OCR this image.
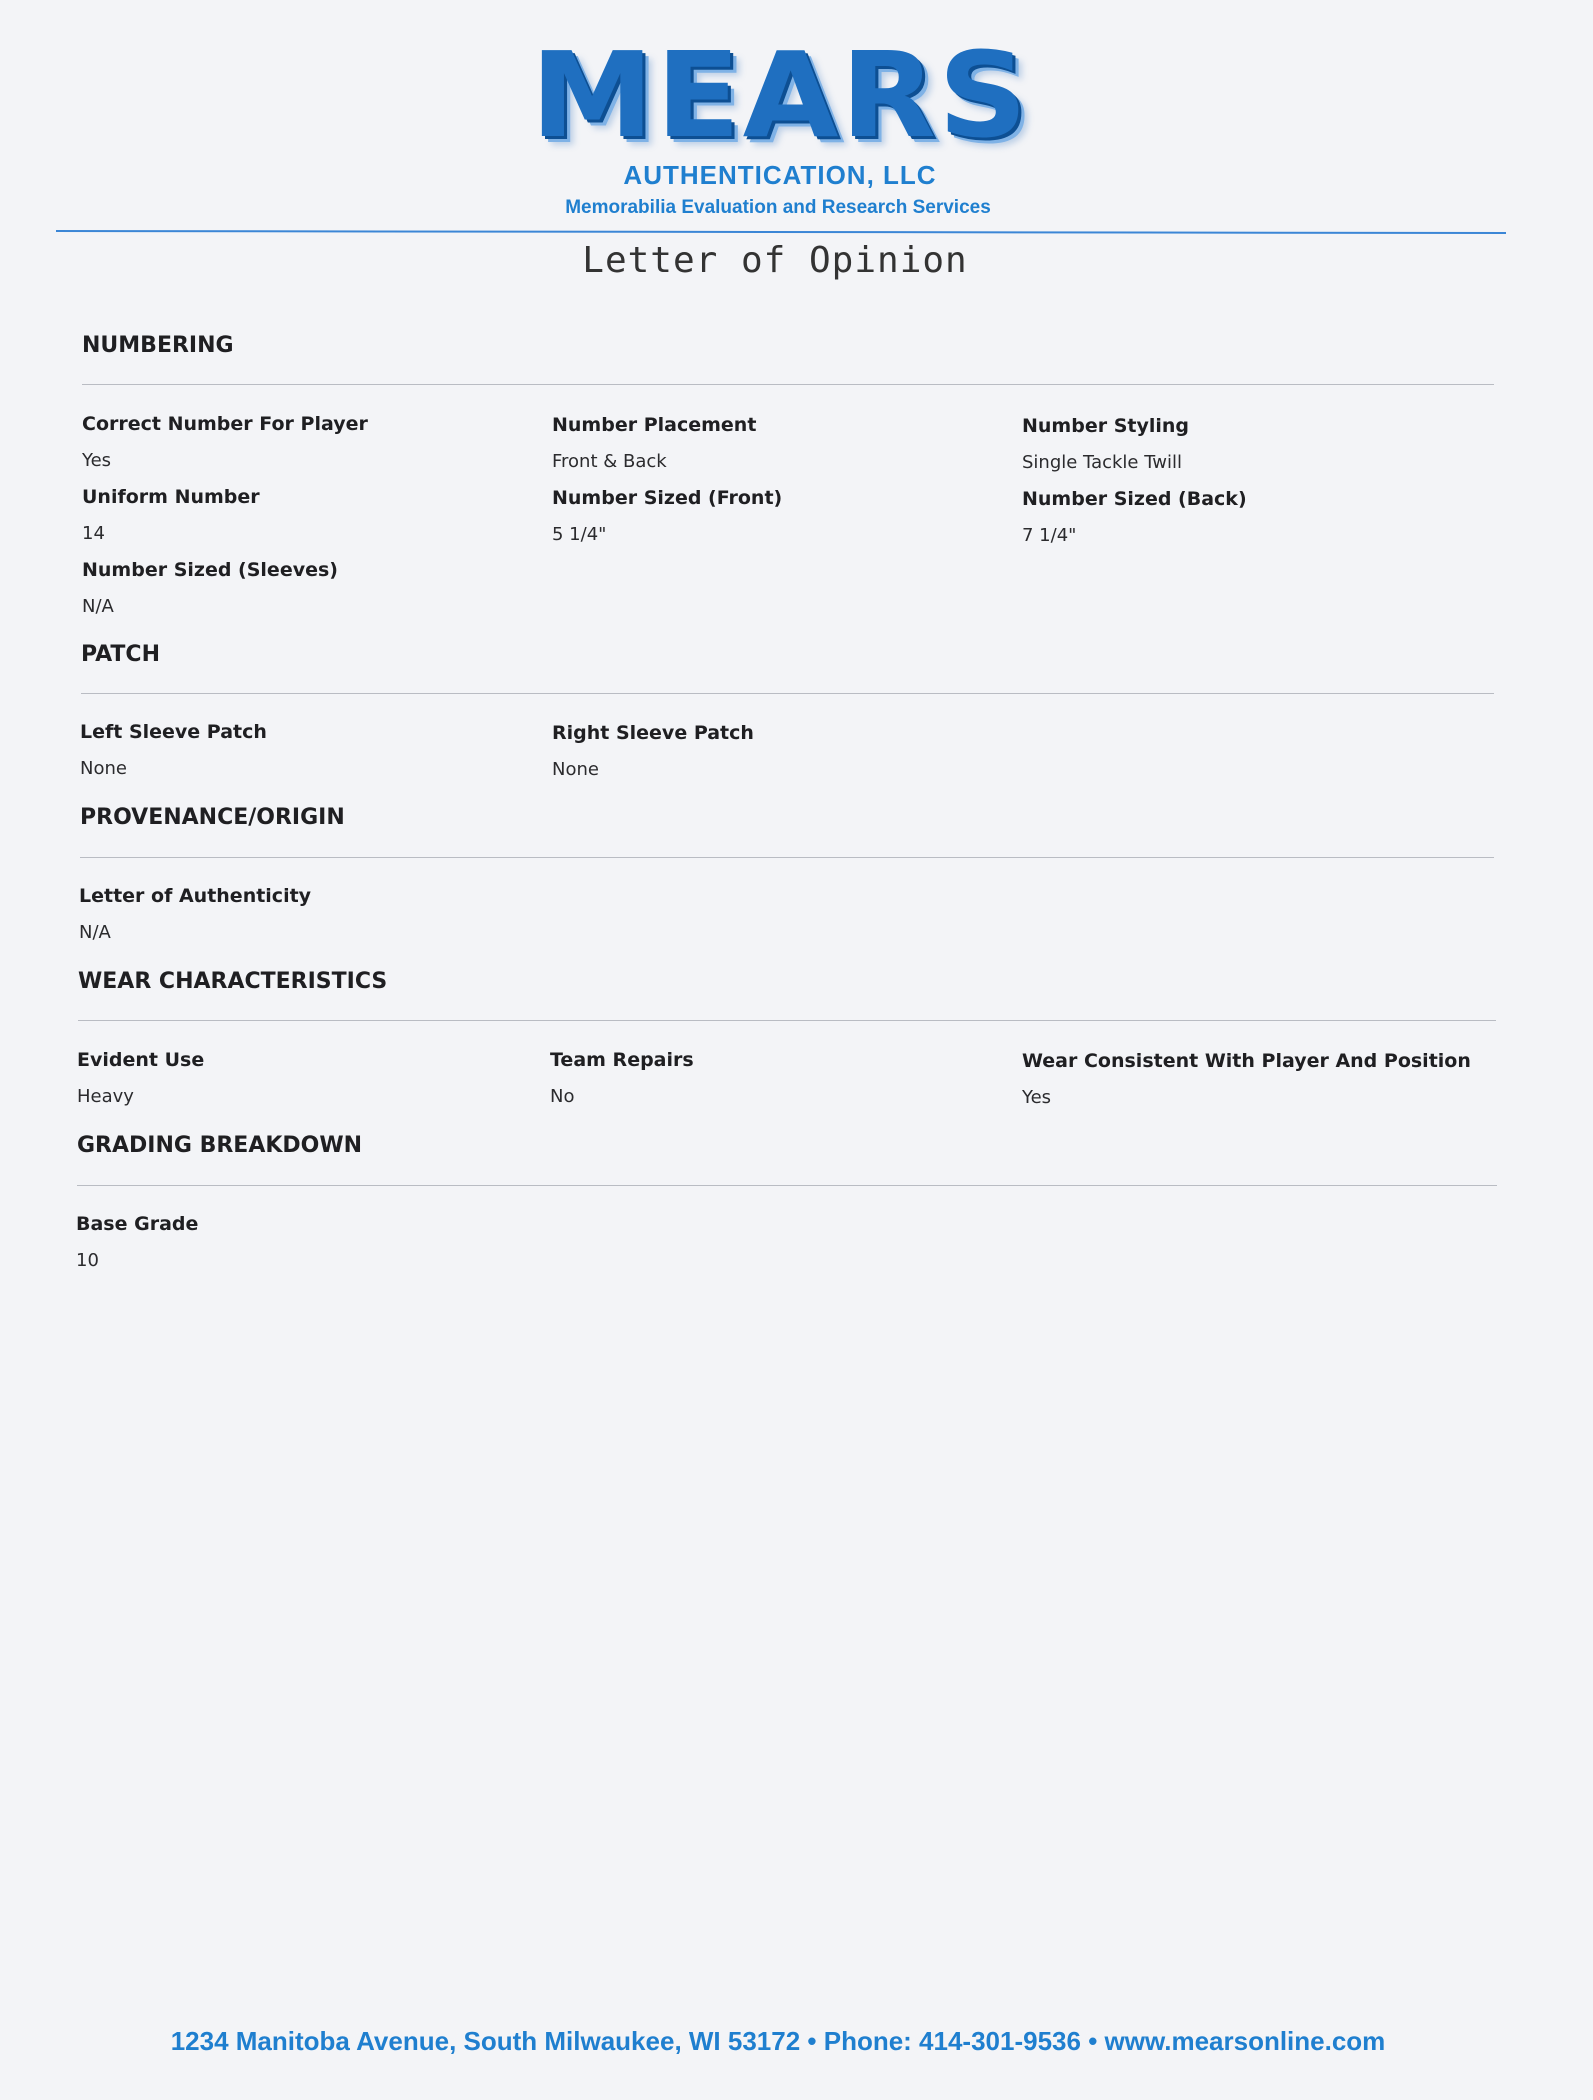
MEARS
AUTHENTICATION, LLC
Memorabilia Evaluation and Research Services
Letter of Opinion
NUMBERING
Correct Number For Player
Yes
Number Placement
Front & Back
Number Styling
Single Tackle Twill
Uniform Number
14
Number Sized (Front)
5 1/4"
Number Sized (Back)
7 1/4"
Number Sized (Sleeves)
N/A
PATCH
Left Sleeve Patch
None
Right Sleeve Patch
None
PROVENANCE/ORIGIN
Letter of Authenticity
N/A
WEAR CHARACTERISTICS
Evident Use
Heavy
Team Repairs
No
Wear Consistent With Player And Position
Yes
GRADING BREAKDOWN
Base Grade
10
1234 Manitoba Avenue, South Milwaukee, WI 53172 • Phone: 414-301-9536 • www.mearsonline.com
